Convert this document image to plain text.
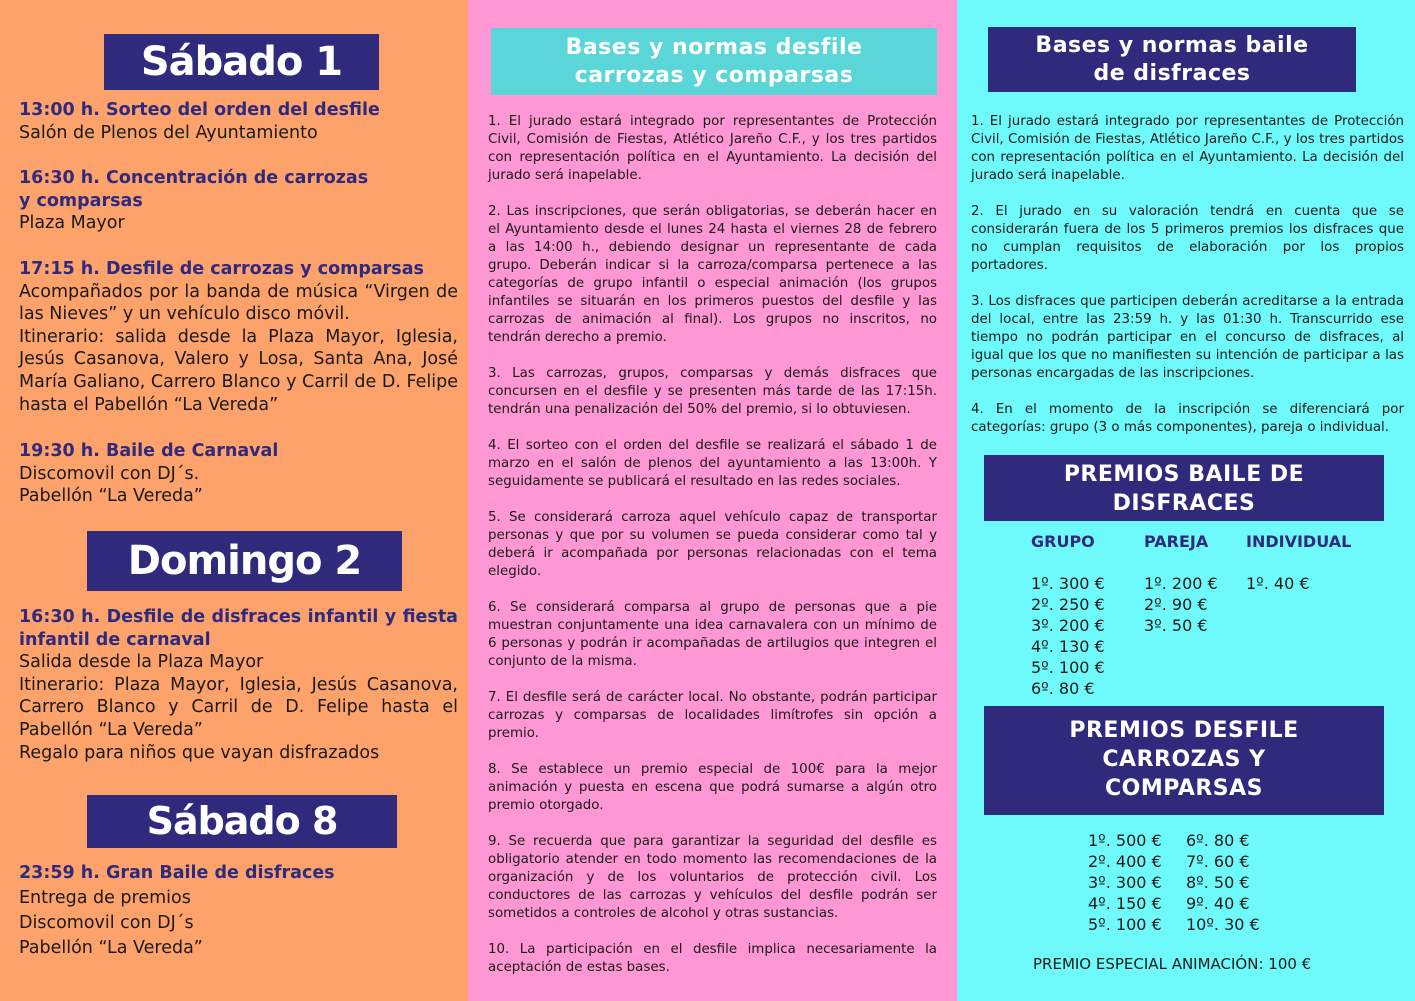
Sábado 1
13:00 h. Sorteo del orden del desfile
Salón de Plenos del Ayuntamiento
16:30 h. Concentración de carrozas y comparsas
Plaza Mayor
17:15 h. Desfile de carrozas y comparsas
Acompañados por la banda de música “Virgen de las Nieves” y un vehículo disco móvil.
Itinerario: salida desde la Plaza Mayor, Iglesia, Jesús Casanova, Valero y Losa, Santa Ana, José María Galiano, Carrero Blanco y Carril de D. Felipe hasta el Pabellón “La Vereda”
19:30 h. Baile de Carnaval
Discomovil con DJ´s.
Pabellón “La Vereda”
Domingo 2
16:30 h. Desfile de disfraces infantil y fiesta infantil de carnaval
Salida desde la Plaza Mayor
Itinerario: Plaza Mayor, Iglesia, Jesús Casanova, Carrero Blanco y Carril de D. Felipe hasta el Pabellón “La Vereda”
Regalo para niños que vayan disfrazados
Sábado 8
23:59 h. Gran Baile de disfraces
Entrega de premios
Discomovil con DJ´s
Pabellón “La Vereda”
Bases y normas desfile
carrozas y comparsas

1. El jurado estará integrado por representantes de Protección Civil, Comisión de Fiestas, Atlético Jareño C.F., y los tres partidos con representación política en el Ayuntamiento. La decisión del jurado será inapelable.

2. Las inscripciones, que serán obligatorias, se deberán hacer en el Ayuntamiento desde el lunes 24 hasta el viernes 28 de febrero a las 14:00 h., debiendo designar un representante de cada grupo. Deberán indicar si la carroza/comparsa pertenece a las categorías de grupo infantil o especial animación (los grupos infantiles se situarán en los primeros puestos del desfile y las carrozas de animación al final). Los grupos no inscritos, no tendrán derecho a premio.

3. Las carrozas, grupos, comparsas y demás disfraces que concursen en el desfile y se presenten más tarde de las 17:15h. tendrán una penalización del 50% del premio, si lo obtuviesen.

4. El sorteo con el orden del desfile se realizará el sábado 1 de marzo en el salón de plenos del ayuntamiento a las 13:00h. Y seguidamente se publicará el resultado en las redes sociales.

5. Se considerará carroza aquel vehículo capaz de transportar personas y que por su volumen se pueda considerar como tal y deberá ir acompañada por personas relacionadas con el tema elegido.

6. Se considerará comparsa al grupo de personas que a pie muestran conjuntamente una idea carnavalera con un mínimo de 6 personas y podrán ir acompañadas de artilugios que integren el conjunto de la misma.

7. El desfile será de carácter local. No obstante, podrán participar carrozas y comparsas de localidades limítrofes sin opción a premio.

8. Se establece un premio especial de 100€ para la mejor animación y puesta en escena que podrá sumarse a algún otro premio otorgado.

9. Se recuerda que para garantizar la seguridad del desfile es obligatorio atender en todo momento las recomendaciones de la organización y de los voluntarios de protección civil. Los conductores de las carrozas y vehículos del desfile podrán ser sometidos a controles de alcohol y otras sustancias.

10. La participación en el desfile implica necesariamente la aceptación de estas bases.

Bases y normas baile
de disfraces

1. El jurado estará integrado por representantes de Protección Civil, Comisión de Fiestas, Atlético Jareño C.F., y los tres partidos con representación política en el Ayuntamiento. La decisión del jurado será inapelable.

2. El jurado en su valoración tendrá en cuenta que se considerarán fuera de los 5 primeros premios los disfraces que no cumplan requisitos de elaboración por los propios portadores.

3. Los disfraces que participen deberán acreditarse a la entrada del local, entre las 23:59 h. y las 01:30 h. Transcurrido ese tiempo no podrán participar en el concurso de disfraces, al igual que los que no manifiesten su intención de participar a las personas encargadas de las inscripciones.

4. En el momento de la inscripción se diferenciará por categorías: grupo (3 o más componentes), pareja o individual.

PREMIOS BAILE DE
DISFRACES
GRUPO	PAREJA INDIVIDUAL
1º. 300 €
2º. 250 €
3º. 200 €
4º. 130 €
5º. 100 €
6º. 80 €
1º. 200 €
2º. 90 €
3º. 50 €
1º. 40 €
PREMIOS DESFILE
CARROZAS Y
COMPARSAS
1º. 500 €
2º. 400 €
3º. 300 €
4º. 150 €
5º. 100 €
6º. 80 €
7º. 60 €
8º. 50 €
9º. 40 €
10º. 30 €
PREMIO ESPECIAL ANIMACIÓN: 100 €
